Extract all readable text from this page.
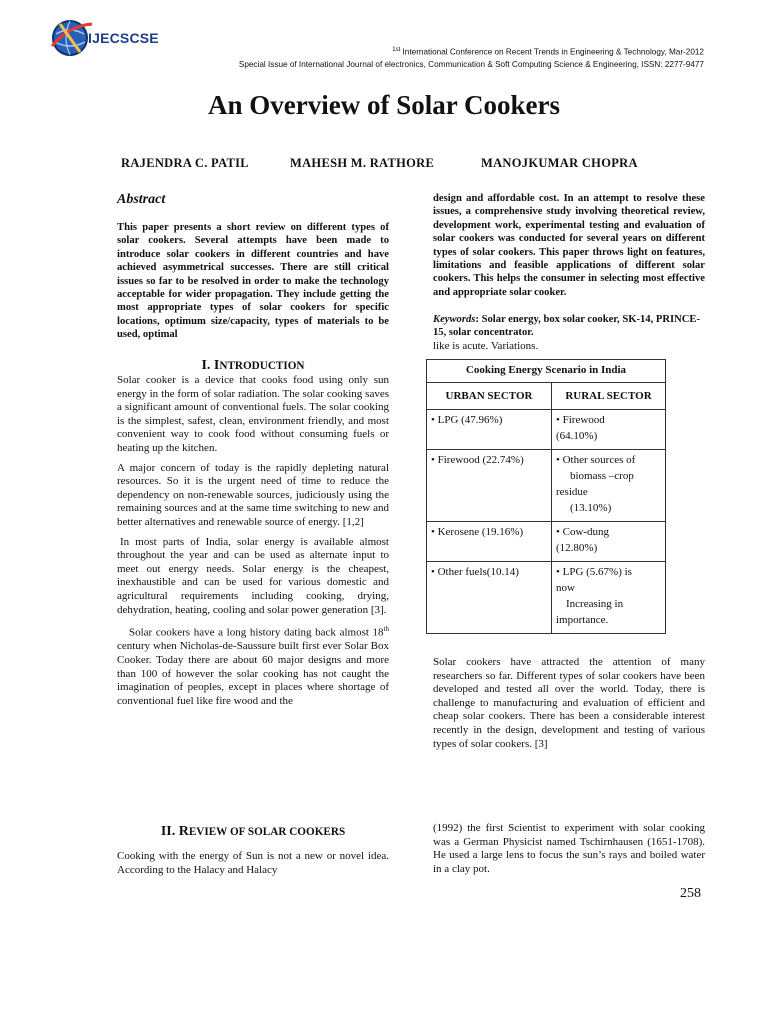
IJECSCSE
$^{1st}$ International Conference on Recent Trends in Engineering & Technology, Mar-2012
Special Issue of International Journal of electronics, Communication & Soft Computing Science & Engineering, ISSN: 2277-9477
An Overview of Solar Cookers
RAJENDRA C. PATIL	MAHESH M. RATHORE	MANOJKUMAR CHOPRA
Abstract
This paper presents a short review on different types of solar cookers. Several attempts have been made to introduce solar cookers in different countries and have achieved asymmetrical successes. There are still critical issues so far to be resolved in order to make the technology acceptable for wider propagation. They include getting the most appropriate types of solar cookers for specific locations, optimum size/capacity, types of materials to be used, optimal
design and affordable cost. In an attempt to resolve these issues, a comprehensive study involving theoretical review, development work, experimental testing and evaluation of solar cookers was conducted for several years on different types of solar cookers. This paper throws light on features, limitations and feasible applications of different solar cookers. This helps the consumer in selecting most effective and appropriate solar cooker.
Keywords: Solar energy, box solar cooker, SK-14, PRINCE-15, solar concentrator.
like is acute. Variations.
I. INTRODUCTION

Solar cooker is a device that cooks food using only sun energy in the form of solar radiation. The solar cooking saves a significant amount of conventional fuels. The solar cooking is the simplest, safest, clean, environment friendly, and most convenient way to cook food without consuming fuels or heating up the kitchen.

A major concern of today is the rapidly depleting natural resources. So it is the urgent need of time to reduce the dependency on non-renewable sources, judiciously using the remaining sources and at the same time switching to new and better alternatives and renewable source of energy. [1,2]

In most parts of India, solar energy is available almost throughout the year and can be used as alternate input to meet out energy needs. Solar energy is the cheapest, inexhaustible and can be used for various domestic and agricultural requirements including cooking, drying, dehydration, heating, cooling and solar power generation [3].

Solar cookers have a long history dating back almost 18th century when Nicholas-de-Saussure built first ever Solar Box Cooker. Today there are about 60 major designs and more than 100 of however the solar cooking has not caught the imagination of peoples, except in places where shortage of conventional fuel like fire wood and the

II. REVIEW OF SOLAR COOKERS
Cooking with the energy of Sun is not a new or novel idea. According to the Halacy and Halacy
Cooking Energy Scenario in India	
URBAN SECTOR	RURAL SECTOR
• LPG (47.96%)	• Firewood
(64.10%)
• Firewood (22.74%)	• Other sources of
biomass –crop
residue
(13.10%)

• Kerosene (19.16%)	• Cow-dung
(12.80%)
• Other fuels(10.14)	• LPG (5.67%) is
now
Increasing in
importance.
Solar cookers have attracted the attention of many researchers so far. Different types of solar cookers have been developed and tested all over the world. Today, there is challenge to manufacturing and evaluation of efficient and cheap solar cookers. There has been a considerable interest recently in the design, development and testing of various types of solar cookers. [3]
(1992) the first Scientist to experiment with solar cooking was a German Physicist named Tschirnhausen (1651-1708). He used a large lens to focus the sun’s rays and boiled water in a clay pot.
258
